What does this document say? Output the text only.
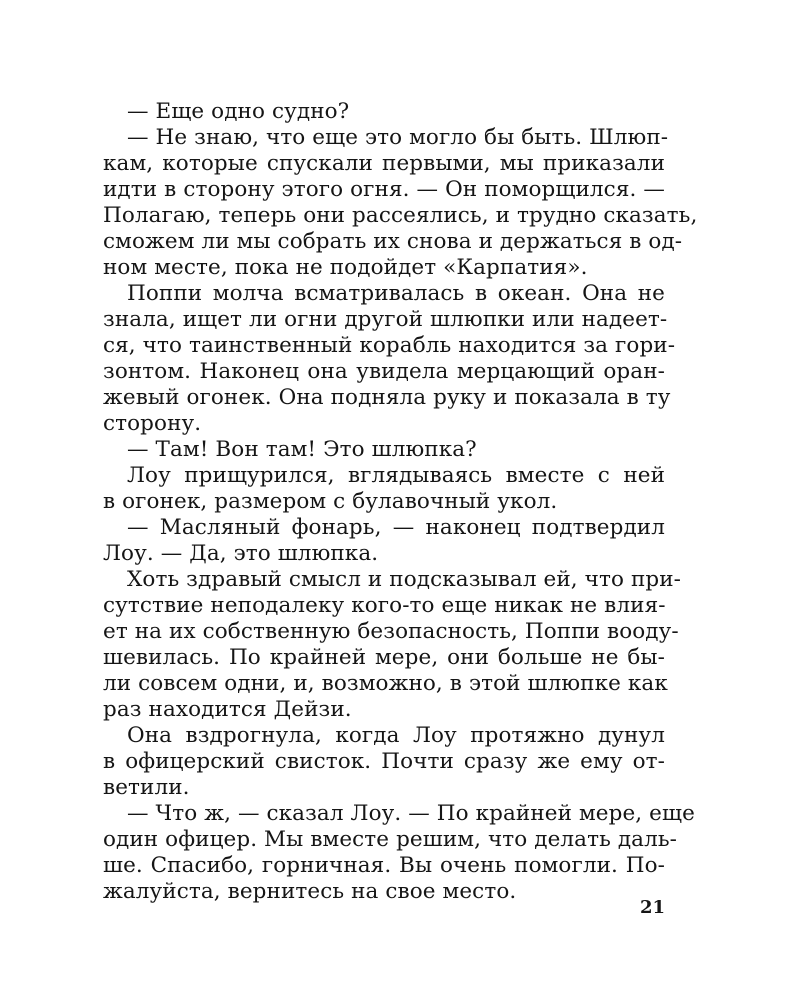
— Еще одно судно?
— Не знаю, что еще это могло бы быть. Шлюп-
кам, которые спускали первыми, мы приказали
идти в сторону этого огня. — Он поморщился. —
Полагаю, теперь они рассеялись, и трудно сказать,
сможем ли мы собрать их снова и держаться в од-
ном месте, пока не подойдет «Карпатия».
Поппи молча всматривалась в океан. Она не
знала, ищет ли огни другой шлюпки или надеет-
ся, что таинственный корабль находится за гори-
зонтом. Наконец она увидела мерцающий оран-
жевый огонек. Она подняла руку и показала в ту
сторону.
— Там! Вон там! Это шлюпка?
Лоу прищурился, вглядываясь вместе с ней
в огонек, размером с булавочный укол.
— Масляный фонарь, — наконец подтвердил
Лоу. — Да, это шлюпка.
Хоть здравый смысл и подсказывал ей, что при-
сутствие неподалеку кого-то еще никак не влия-
ет на их собственную безопасность, Поппи вооду-
шевилась. По крайней мере, они больше не бы-
ли совсем одни, и, возможно, в этой шлюпке как
раз находится Дейзи.
Она вздрогнула, когда Лоу протяжно дунул
в офицерский свисток. Почти сразу же ему от-
ветили.
— Что ж, — сказал Лоу. — По крайней мере, еще
один офицер. Мы вместе решим, что делать даль-
ше. Спасибо, горничная. Вы очень помогли. По-
жалуйста, вернитесь на свое место.
21
